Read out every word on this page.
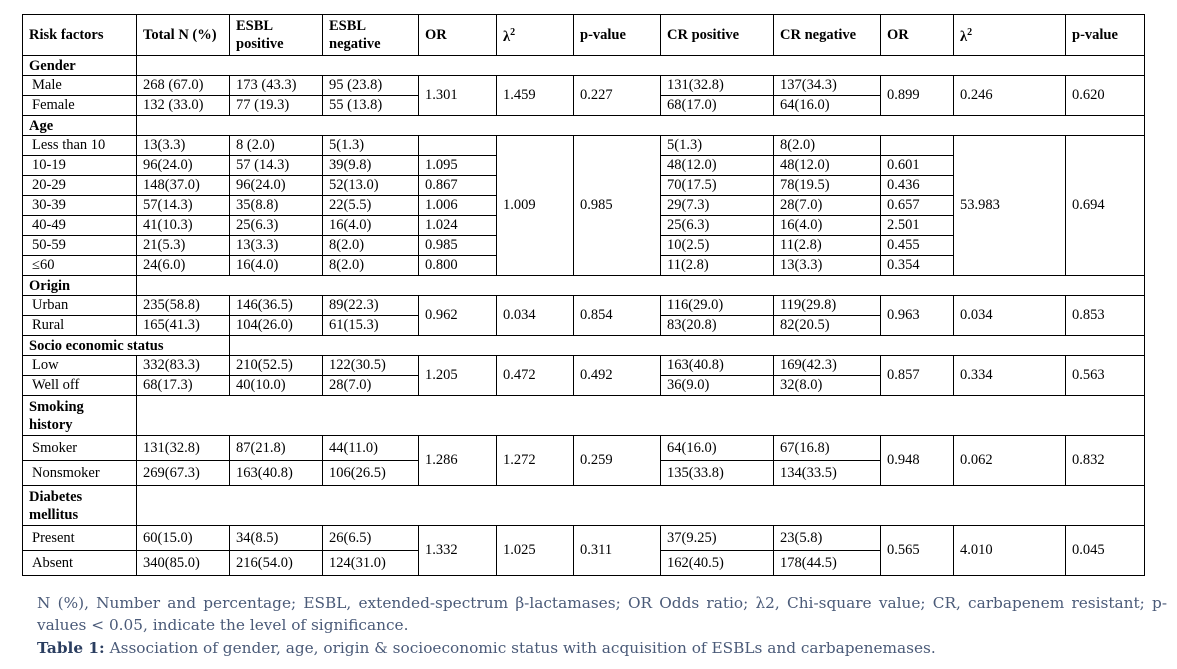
Risk factors	Total N (%)	ESBL positive	ESBL negative	OR	$\lambda^2$	p-value	CR positive	CR negative	OR	$\lambda^2$	p-value
Gender											
Male	268 (67.0)	173 (43.3)	95 (23.8)	1.301	1.459	0.227	131(32.8)	137(34.3)	0.899	0.246	0.620
Female	132 (33.0)	77 (19.3)	55 (13.8)				68(17.0)	64(16.0)			
Age											
Less than 10	13(3.3)	8 (2.0)	5(1.3)		1.009	0.985	5(1.3)	8(2.0)		53.983	0.694
10-19	96(24.0)	57 (14.3)	39(9.8)	1.095			48(12.0)	48(12.0)	0.601		
20-29	148(37.0)	96(24.0)	52(13.0)	0.867			70(17.5)	78(19.5)	0.436		
30-39	57(14.3)	35(8.8)	22(5.5)	1.006			29(7.3)	28(7.0)	0.657		
40-49	41(10.3)	25(6.3)	16(4.0)	1.024			25(6.3)	16(4.0)	2.501		
50-59	21(5.3)	13(3.3)	8(2.0)	0.985			10(2.5)	11(2.8)	0.455		
≤60	24(6.0)	16(4.0)	8(2.0)	0.800			11(2.8)	13(3.3)	0.354		
Origin											
Urban	235(58.8)	146(36.5)	89(22.3)	0.962	0.034	0.854	116(29.0)	119(29.8)	0.963	0.034	0.853
Rural	165(41.3)	104(26.0)	61(15.3)				83(20.8)	82(20.5)			
Socio economic status											
Low	332(83.3)	210(52.5)	122(30.5)	1.205	0.472	0.492	163(40.8)	169(42.3)	0.857	0.334	0.563
Well off	68(17.3)	40(10.0)	28(7.0)				36(9.0)	32(8.0)			
Smoking history											
Smoker	131(32.8)	87(21.8)	44(11.0)	1.286	1.272	0.259	64(16.0)	67(16.8)	0.948	0.062	0.832
Nonsmoker	269(67.3)	163(40.8)	106(26.5)				135(33.8)	134(33.5)			
Diabetes mellitus											
Present	60(15.0)	34(8.5)	26(6.5)	1.332	1.025	0.311	37(9.25)	23(5.8)	0.565	4.010	0.045
Absent	340(85.0)	216(54.0)	124(31.0)				162(40.5)	178(44.5)			
N (%), Number and percentage; ESBL, extended-spectrum β-lactamases; OR Odds ratio; λ2, Chi-square value; CR, carbapenem resistant; p-values < 0.05, indicate the level of significance.
Table 1: Association of gender, age, origin & socioeconomic status with acquisition of ESBLs and carbapenemases.
